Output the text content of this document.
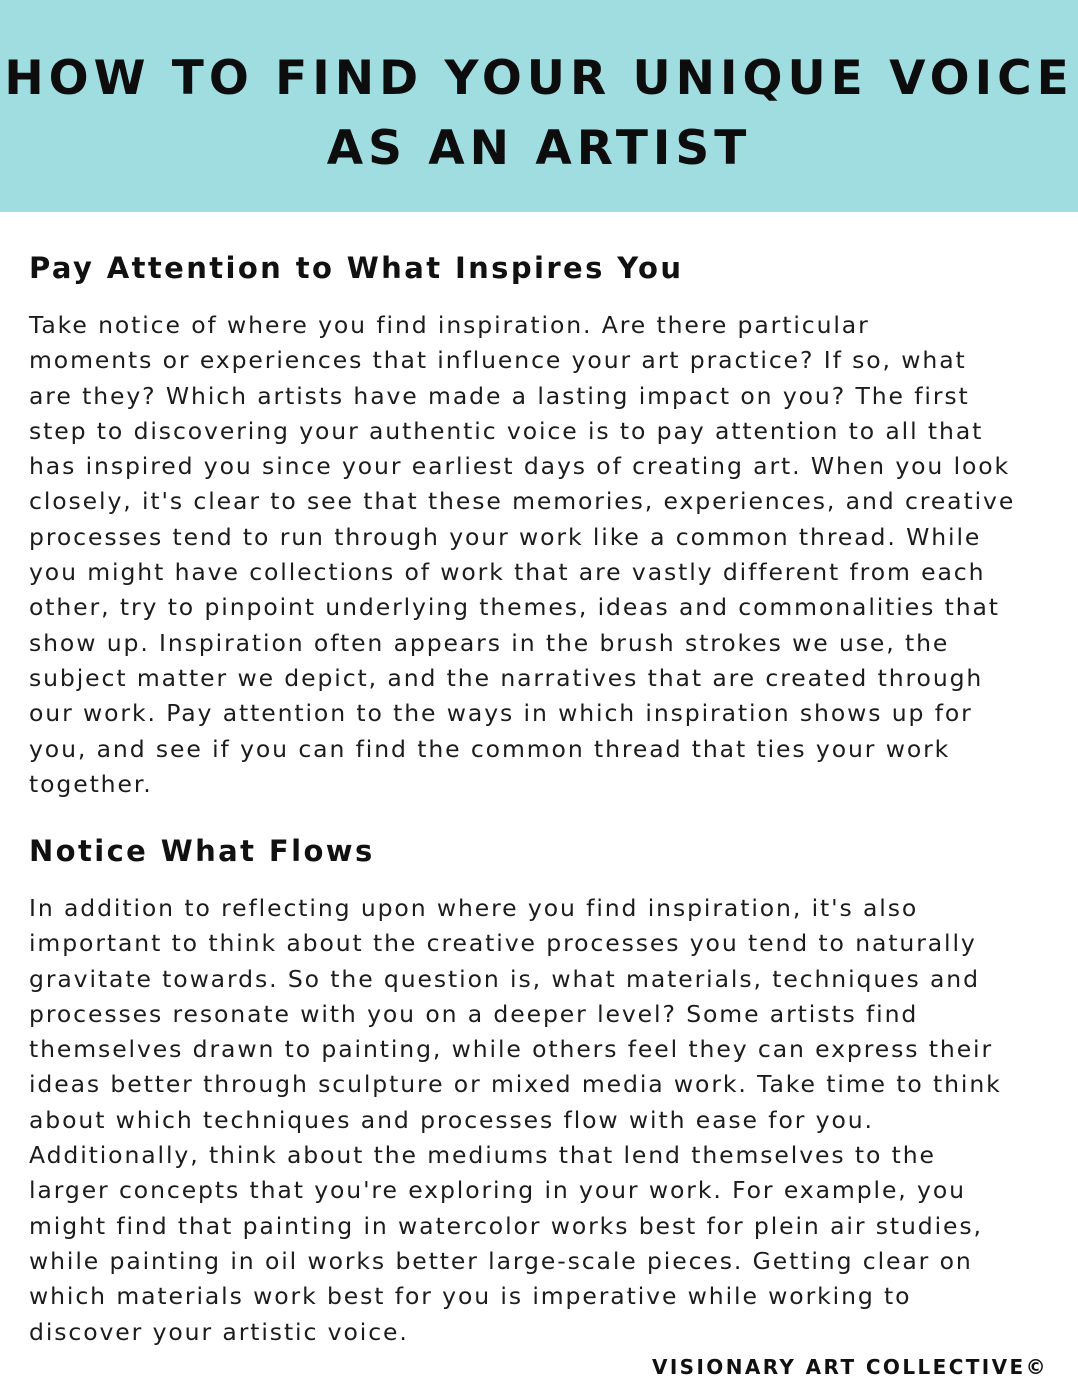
HOW TO FIND YOUR UNIQUE VOICE
AS AN ARTIST
Pay Attention to What Inspires You
Take notice of where you find inspiration. Are there particular
moments or experiences that influence your art practice? If so, what
are they? Which artists have made a lasting impact on you? The first
step to discovering your authentic voice is to pay attention to all that
has inspired you since your earliest days of creating art. When you look
closely, it's clear to see that these memories, experiences, and creative
processes tend to run through your work like a common thread. While
you might have collections of work that are vastly different from each
other, try to pinpoint underlying themes, ideas and commonalities that
show up. Inspiration often appears in the brush strokes we use, the
subject matter we depict, and the narratives that are created through
our work. Pay attention to the ways in which inspiration shows up for
you, and see if you can find the common thread that ties your work
together.
Notice What Flows
In addition to reflecting upon where you find inspiration, it's also
important to think about the creative processes you tend to naturally
gravitate towards. So the question is, what materials, techniques and
processes resonate with you on a deeper level? Some artists find
themselves drawn to painting, while others feel they can express their
ideas better through sculpture or mixed media work. Take time to think
about which techniques and processes flow with ease for you.
Additionally, think about the mediums that lend themselves to the
larger concepts that you're exploring in your work. For example, you
might find that painting in watercolor works best for plein air studies,
while painting in oil works better large-scale pieces. Getting clear on
which materials work best for you is imperative while working to
discover your artistic voice.

VISIONARY ART COLLECTIVE©
